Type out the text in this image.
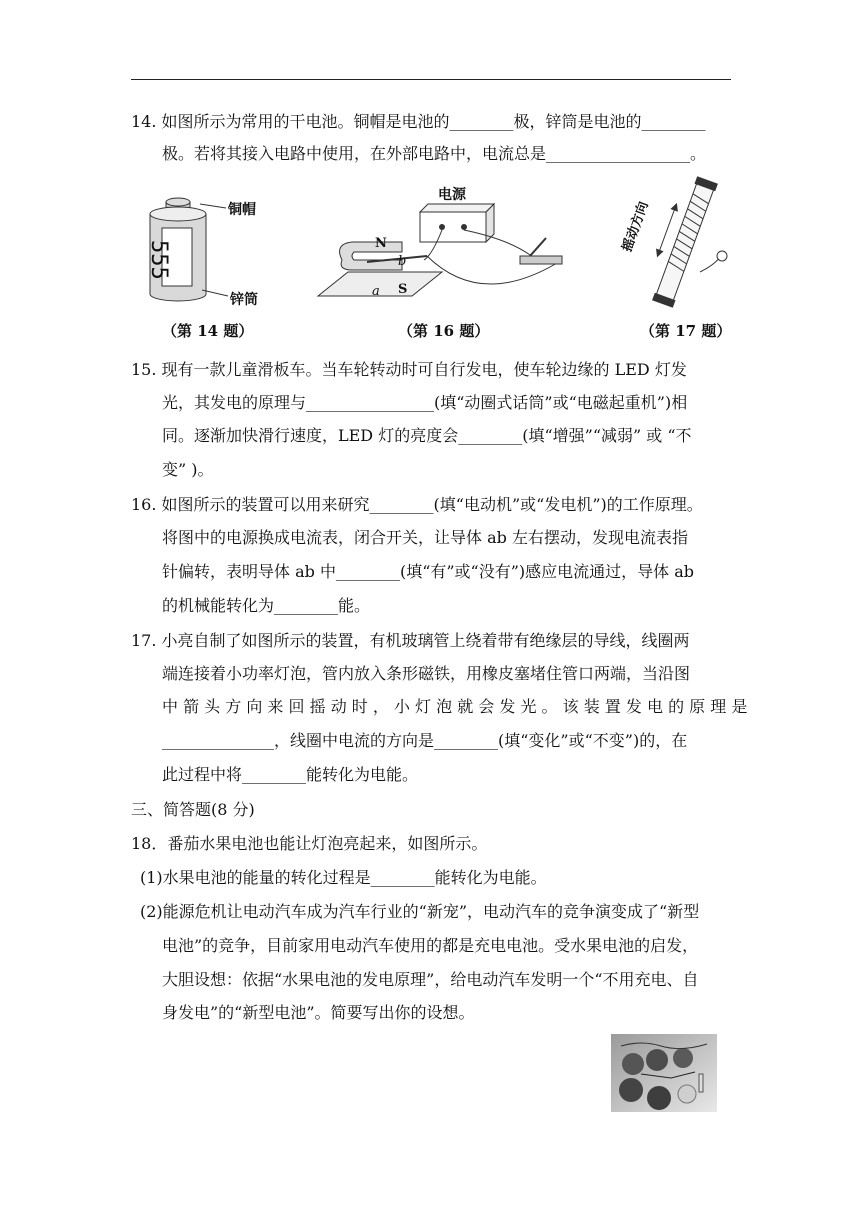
14. 如图所示为常用的干电池。铜帽是电池的________极，锌筒是电池的________
极。若将其接入电路中使用，在外部电路中，电流总是__________________。
555
铜帽
锌筒
（第 14 题）
电源
N
S
a
b
（第 16 题）
摇动方向
（第 17 题）
15. 现有一款儿童滑板车。当车轮转动时可自行发电，使车轮边缘的 LED 灯发
光，其发电的原理与________________(填“动圈式话筒”或“电磁起重机”)相
同。逐渐加快滑行速度，LED 灯的亮度会________(填“增强”“减弱” 或 “不
变” )。
16. 如图所示的装置可以用来研究________(填“电动机”或“发电机”)的工作原理。
将图中的电源换成电流表，闭合开关，让导体 ab 左右摆动，发现电流表指
针偏转，表明导体 ab 中________(填“有”或“没有”)感应电流通过，导体 ab
的机械能转化为________能。
17. 小亮自制了如图所示的装置，有机玻璃管上绕着带有绝缘层的导线，线圈两
端连接着小功率灯泡，管内放入条形磁铁，用橡皮塞堵住管口两端，当沿图
中 箭 头 方 向 来 回 摇 动 时 ， 小 灯 泡 就 会 发 光 。 该 装 置 发 电 的 原 理 是
______________，线圈中电流的方向是________(填“变化”或“不变”)的，在
此过程中将________能转化为电能。
三、简答题(8 分)
18．番茄水果电池也能让灯泡亮起来，如图所示。
(1)水果电池的能量的转化过程是________能转化为电能。
(2)能源危机让电动汽车成为汽车行业的“新宠”，电动汽车的竞争演变成了“新型
电池”的竞争，目前家用电动汽车使用的都是充电电池。受水果电池的启发，
大胆设想：依据“水果电池的发电原理”，给电动汽车发明一个“不用充电、自
身发电”的“新型电池”。简要写出你的设想。
